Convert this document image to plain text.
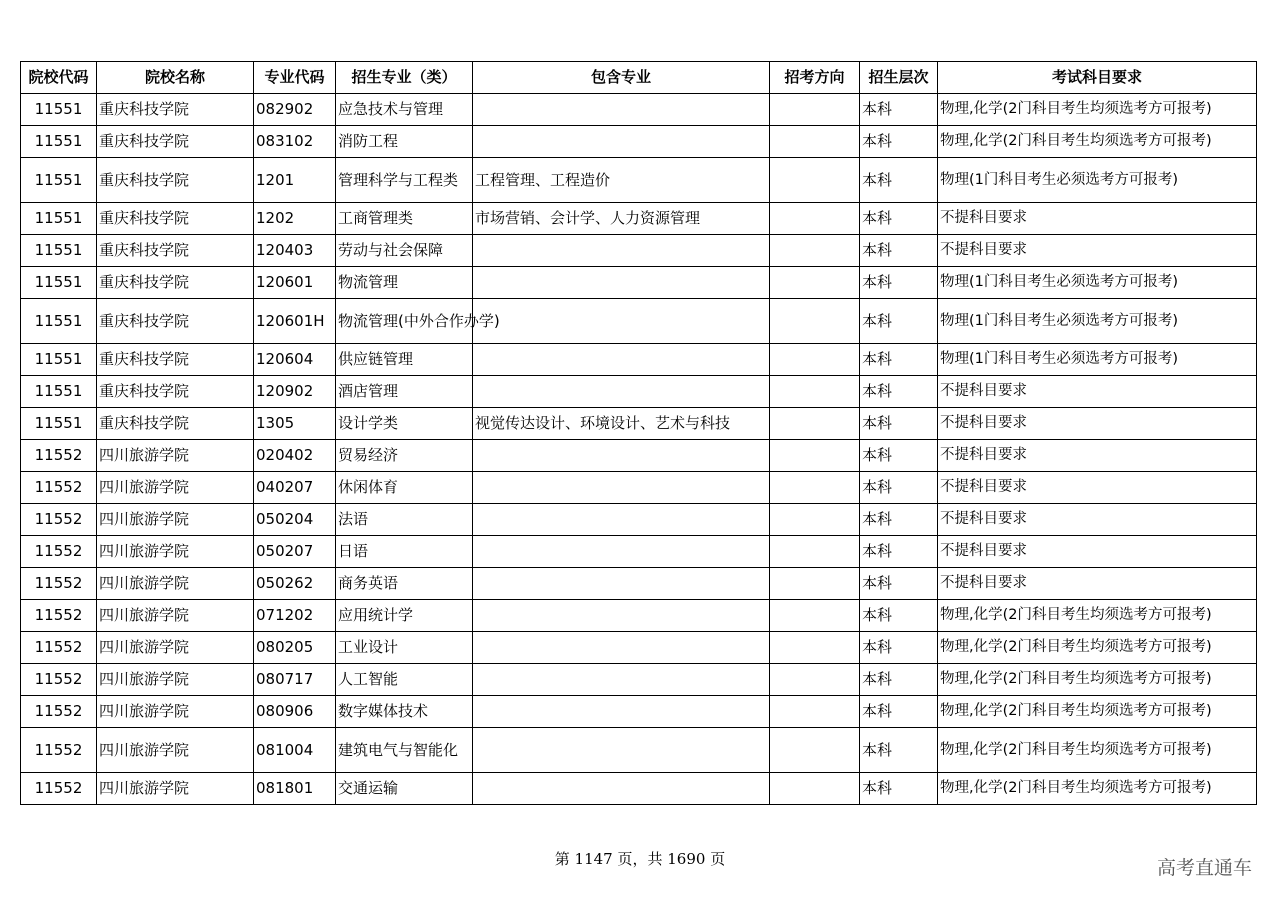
院校代码	院校名称	专业代码	招生专业（类）	包含专业	招考方向	招生层次	考试科目要求
11551	重庆科技学院	082902	应急技术与管理			本科	物理,化学(2门科目考生均须选考方可报考)
11551	重庆科技学院	083102	消防工程			本科	物理,化学(2门科目考生均须选考方可报考)
11551	重庆科技学院	1201	管理科学与工程类	工程管理、工程造价		本科	物理(1门科目考生必须选考方可报考)
11551	重庆科技学院	1202	工商管理类	市场营销、会计学、人力资源管理		本科	不提科目要求
11551	重庆科技学院	120403	劳动与社会保障			本科	不提科目要求
11551	重庆科技学院	120601	物流管理			本科	物理(1门科目考生必须选考方可报考)
11551	重庆科技学院	120601H	物流管理(中外合作办学)			本科	物理(1门科目考生必须选考方可报考)
11551	重庆科技学院	120604	供应链管理			本科	物理(1门科目考生必须选考方可报考)
11551	重庆科技学院	120902	酒店管理			本科	不提科目要求
11551	重庆科技学院	1305	设计学类	视觉传达设计、环境设计、艺术与科技		本科	不提科目要求
11552	四川旅游学院	020402	贸易经济			本科	不提科目要求
11552	四川旅游学院	040207	休闲体育			本科	不提科目要求
11552	四川旅游学院	050204	法语			本科	不提科目要求
11552	四川旅游学院	050207	日语			本科	不提科目要求
11552	四川旅游学院	050262	商务英语			本科	不提科目要求
11552	四川旅游学院	071202	应用统计学			本科	物理,化学(2门科目考生均须选考方可报考)
11552	四川旅游学院	080205	工业设计			本科	物理,化学(2门科目考生均须选考方可报考)
11552	四川旅游学院	080717	人工智能			本科	物理,化学(2门科目考生均须选考方可报考)
11552	四川旅游学院	080906	数字媒体技术			本科	物理,化学(2门科目考生均须选考方可报考)
11552	四川旅游学院	081004	建筑电气与智能化			本科	物理,化学(2门科目考生均须选考方可报考)
11552	四川旅游学院	081801	交通运输			本科	物理,化学(2门科目考生均须选考方可报考)
第 1147 页，共 1690 页	高考直通车
